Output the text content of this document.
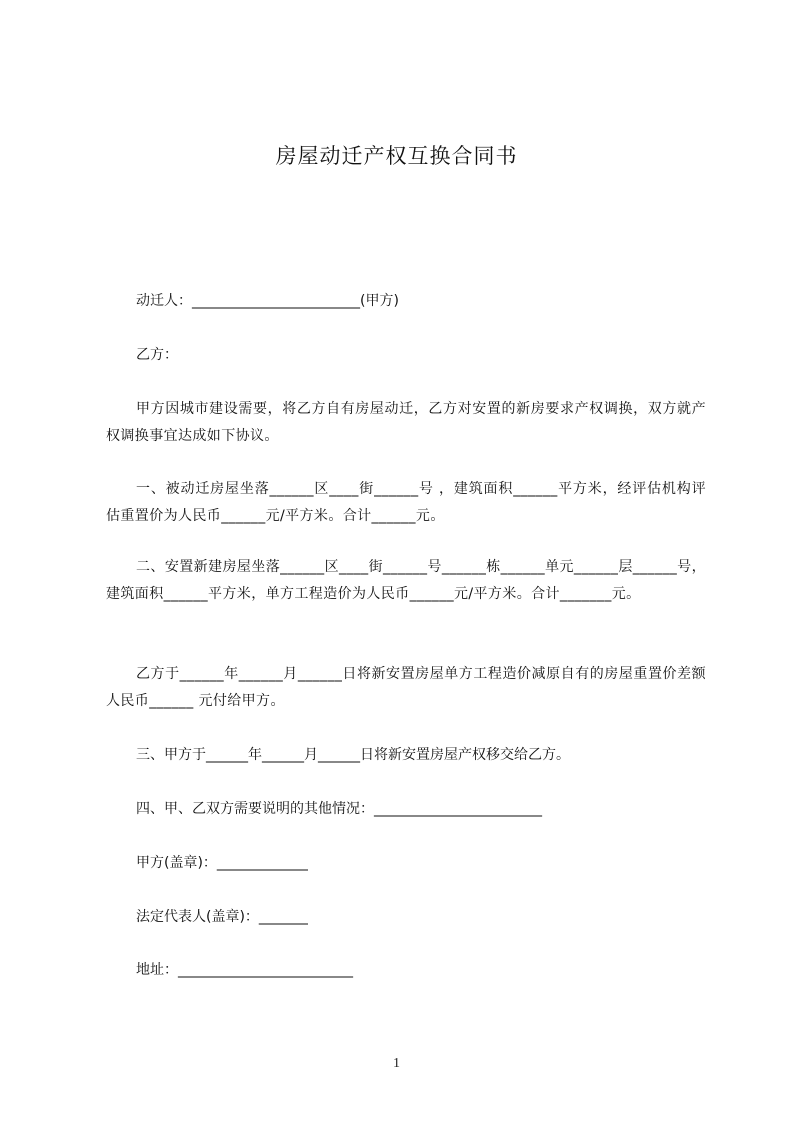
房屋动迁产权互换合同书
动迁人：________________________(甲方)
乙方：
甲方因城市建设需要，将乙方自有房屋动迁，乙方对安置的新房要求产权调换，双方就产权调换事宜达成如下协议。
一、被动迁房屋坐落______区____街______号 ，建筑面积______平方米，经评估机构评估重置价为人民币______元/平方米。合计______元。
二、安置新建房屋坐落______区____街______号______栋______单元______层______号，建筑面积______平方米，单方工程造价为人民币______元/平方米。合计_______元。
乙方于______年______月______日将新安置房屋单方工程造价减原自有的房屋重置价差额人民币______ 元付给甲方。
三、甲方于______年______月______日将新安置房屋产权移交给乙方。
四、甲、乙双方需要说明的其他情况：________________________
甲方(盖章)：_____________
法定代表人(盖章)：_______
地址：_________________________
1
